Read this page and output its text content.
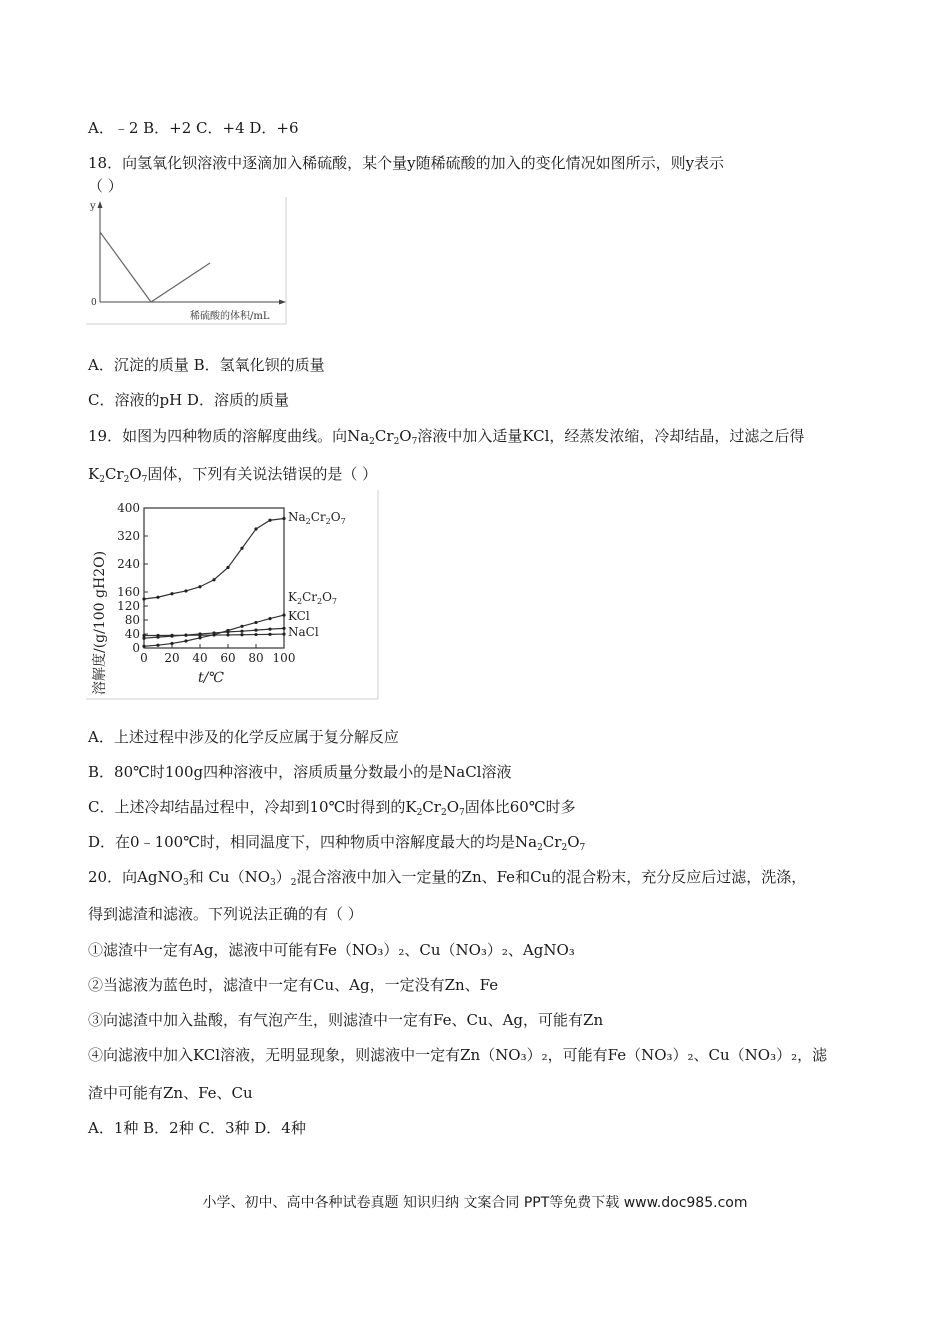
A．﹣2 B．+2 C．+4 D．+6
18．向氢氧化钡溶液中逐滴加入稀硫酸，某个量y随稀硫酸的加入的变化情况如图所示，则y表示
（ ）
y
0
稀硫酸的体积/mL
A．沉淀的质量 B．氢氧化钡的质量
C．溶液的pH D．溶质的质量
19．如图为四种物质的溶解度曲线。向$Na_2Cr_2O_7$溶液中加入适量KCl，经蒸发浓缩，冷却结晶，过滤之后得
$K_2Cr_2O_7$固体，下列有关说法错误的是（ ）
0
40
80
120
160
240
320
400
0 20 40 60 80 100
溶解度/(g/100 gH2O)	t/℃
$Na_2Cr_2O_7$
$K_2Cr_2O_7$
KCl
NaCl
A．上述过程中涉及的化学反应属于复分解反应
B．80℃时100g四种溶液中，溶质质量分数最小的是NaCl溶液
C．上述冷却结晶过程中，冷却到10℃时得到的$K_2Cr_2O_7$固体比60℃时多
D．在0﹣100℃时，相同温度下，四种物质中溶解度最大的均是$Na_2Cr_2O_7$
20．向AgNO$_3$和 $Cu(NO_3)_2$混合溶液中加入一定量的Zn、Fe和Cu的混合粉末，充分反应后过滤，洗涤，
得到滤渣和滤液。下列说法正确的有（ ）
①滤渣中一定有Ag，滤液中可能有Fe（NO₃）₂、Cu（NO₃）₂、AgNO₃
②当滤液为蓝色时，滤渣中一定有Cu、Ag，一定没有Zn、Fe
③向滤渣中加入盐酸，有气泡产生，则滤渣中一定有Fe、Cu、Ag，可能有Zn
④向滤液中加入KCl溶液，无明显现象，则滤液中一定有Zn（NO₃）₂，可能有Fe（NO₃）₂、Cu（NO₃）₂，滤
渣中可能有Zn、Fe、Cu
A．1种 B．2种 C．3种 D．4种
小学、初中、高中各种试卷真题 知识归纳 文案合同 PPT等免费下载 www.doc985.com
